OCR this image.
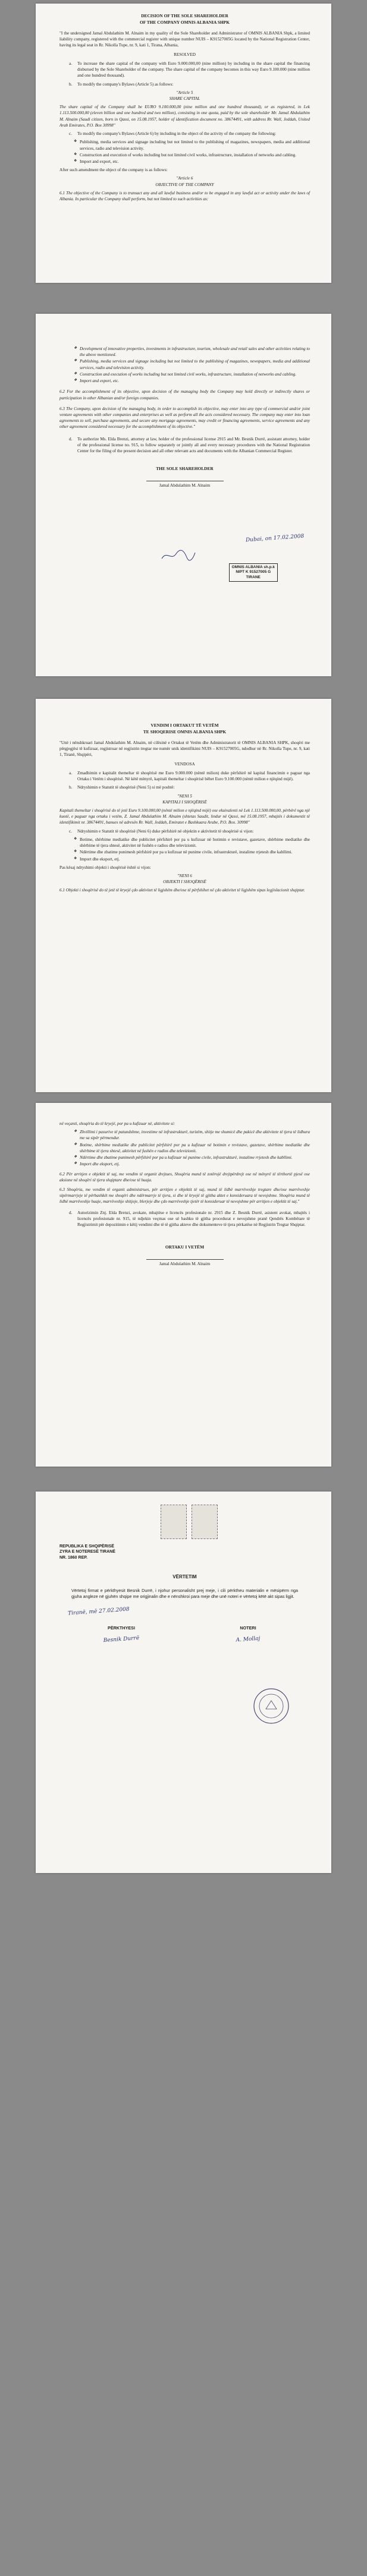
DECISION OF THE SOLE SHAREHOLDER
OF THE COMPANY OMNIS ALBANIA SHPK

"I the undersigned Jamal Abdulathim M. Alnaim in my quality of the Sole Shareholder and Administrator of OMNIS ALBANIA Shpk, a limited liability company, registered with the commercial register with unique number NUIS – K91527005G located by the National Registration Center, having its legal seat in Rr. Nikolla Tupe, nr. 9, kati 1, Tirana, Albania,

RESOLVED

a. To increase the share capital of the company with Euro 9.000.000,00 (nine million) by including in the share capital the financing disbursed by the Sole Shareholder of the company. The share capital of the company becomes in this way Euro 9.100.000 (nine million and one hundred thousand).

b. To modify the company's Bylaws (Article 5) as follows:

"Article 5

SHARE CAPITAL

The share capital of the Company shall be EURO 9.100.000,00 (nine million and one hundred thousand), or as registered, in Lek 1.113.500.000,00 (eleven billion and one hundred and two million), consisting in one quota, paid by the sole shareholder Mr. Jamal Abdulathim M. Alnaim (Saudi citizen, born in Qassi, on 15.08.1957, holder of identification document no. 38674491, with address Rr. Wall, Jeddah, United Arab Emirates, P.O. Box 30998"

c. To modify the company's Bylaws (Article 6) by including in the object of the activity of the company the following:

❖ Publishing, media services and signage including but not limited to the publishing of magazines, newspapers, media and additional services, radio and television activity.
❖ Construction and execution of works including but not limited civil works, infrastructure, installation of networks and cabling.
❖ Import and export, etc.

After such amendment the object of the company is as follows:

"Article 6

OBJECTIVE OF THE COMPANY

6.1 The objective of the Company is to transact any and all lawful business and/or to be engaged in any lawful act or activity under the laws of Albania. In particular the Company shall perform, but not limited to such activities as:

❖ Development of innovative properties, investments in infrastructure, tourism, wholesale and retail sales and other activities relating to the above mentioned.
❖ Publishing, media services and signage including but not limited to the publishing of magazines, newspapers, media and additional services, radio and television activity.
❖ Construction and execution of works including but not limited civil works, infrastructure, installation of networks and cabling.
❖ Import and export, etc.

6.2 For the accomplishment of its objective, upon decision of the managing body the Company may hold directly or indirectly shares or participation in other Albanian and/or foreign companies.

6.3 The Company, upon decision of the managing body, in order to accomplish its objective, may enter into any type of commercial and/or joint venture agreements with other companies and enterprises as well as perform all the acts considered necessary. The company may enter into loan agreements to sell, purchase agreements, and secure any mortgage agreements, may credit or financing agreements, service agreements and any other agreement considered necessary for the accomplishment of its objective."

d. To authorize Ms. Elda Brenzi, attorney at law, holder of the professional license 2915 and Mr. Besnik Durrë, assistant attorney, holder of the professional license no. 915, to follow separately or jointly all and every necessary procedures with the National Registration Center for the filing of the present decision and all other relevant acts and documents with the Albanian Commercial Register.

THE SOLE SHAREHOLDER
Jamal Abdulathim M. Alnaim
Dubai, on 17.02.2008
OMNIS ALBANIA sh.p.k
NIPT K 91527005 G
TIRANE
VENDIM I ORTAKUT TË VETËM
TE SHOQERISE OMNIS ALBANIA SHPK

"Unë i nënshkruari Jamal Abdulathim M. Alnaim, në cilësinë e Ortakut të Vetëm dhe Administratorit të OMNIS ALBANIA SHPK, shoqëri me përgjegjësi të kufizuar, regjistruar në regjistrin tregtar me numër unik identifikimi NUIS – K91527005G, ndodhur në Rr. Nikolla Tupe, nr. 9, kati 1, Tiranë, Shqipëri,

VENDOSA

a. Zmadhimin e kapitalit themeltar të shoqërisë me Euro 9.000.000 (nëntë milion) duke përfshirë në kapital financimin e paguar nga Ortaku i Vetëm i shoqërisë. Në këtë mënyrë, kapitali themeltar i shoqërisë bëhet Euro 9.100.000 (nëntë milion e njëqind mijë).

b. Ndryshimin e Statutit të shoqërisë (Neni 5) si më poshtë:

"NENI 5

KAPITALI I SHOQËRISË

Kapitali themeltar i shoqërisë do të jetë Euro 9.100.000,00 (nëntë milion e njëqind mijë) ose ekuivalenti në Lek 1.113.500.000,00, përbërë nga një kuotë, e paguar nga ortaku i vetëm, Z. Jamal Abdulathim M. Alnaim (shtetas Saudit, lindur në Qassi, më 15.08.1957, mbajtës i dokumentit të identifikimit nr. 38674491, banues në adresën Rr. Wall, Jeddah, Emiratet e Bashkuara Arabe, P.O. Box. 30998"

c. Ndryshimin e Statutit të shoqërisë (Neni 6) duke përfshirë në objektin e aktivitetit të shoqërisë si vijon:

❖ Botime, shërbime mediatike dhe publicitet përfshirë por pa u kufizuar në botimin e revistave, gazetave, shërbime mediatike dhe shërbime të tjera shtesë, aktivitet në fushën e radios dhe televizionit.
❖ Ndërtime dhe zbatime punimesh përfshirë por pa u kufizuar në punime civile, infrastrukturë, instalime rrjetesh dhe kabllimi.
❖ Import dhe eksport, etj.

Pas kësaj ndryshimi objekti i shoqërisë është si vijon:

"NENI 6

OBJEKTI I SHOQËRISË

6.1 Objekti i shoqërisë do të jetë të kryejë çdo aktivitet të ligjshëm dhe/ose të përfshihet në çdo aktivitet të ligjshëm sipas legjislacionit shqiptar.

në veçanti, shoqëria do të kryejë, por pa u kufizuar në, aktivitete si:

❖ Zhvillimi i pasurive të patundshme, investime në infrastrukturë, turizëm, shitje me shumicë dhe pakicë dhe aktivitete të tjera të lidhura me sa sipër përmendur.
❖ Botime, shërbime mediatike dhe publicitet përfshirë por pa u kufizuar në botimin e revistave, gazetave, shërbime mediatike dhe shërbime të tjera shtesë, aktivitet në fushën e radios dhe televizionit.
❖ Ndërtime dhe zbatime punimesh përfshirë por pa u kufizuar në punime civile, infrastrukturë, instalime rrjetesh dhe kabllimi.
❖ Import dhe eksport, etj.

6.2 Për arritjen e objektit të saj, me vendim të organit drejtues, Shoqëria mund të zotërojë drejtpërdrejt ose në mënyrë të tërthortë pjesë ose aksione në shoqëri të tjera shqiptare dhe/ose të huaja.

6.3 Shoqëria, me vendim të organit administrues, për arritjen e objektit të saj, mund të lidhë marrëveshje tregtare dhe/ose marrëveshje sipërmarrjeje të përbashkët me shoqëri dhe ndërmarrje të tjera, si dhe të kryejë të gjitha aktet e konsideruara të nevojshme. Shoqëria mund të lidhë marrëveshje huaje, marrëveshje shitjeje, blerjeje dhe çdo marrëveshje tjetër të konsideruar të nevojshme për arritjen e objektit të saj."

d. Autorizimin Znj. Elda Brenzi, avokate, mbajtëse e licencës profesionale nr. 2915 dhe Z. Besnik Durrë, asistent avokat, mbajtës i licencës profesionale nr. 915, të ndjekin veçmas ose së bashku të gjitha procedurat e nevojshme pranë Qendrës Kombëtare të Regjistrimit për depozitimin e këtij vendimi dhe të të gjitha akteve dhe dokumenteve të tjera përkatëse në Regjistrin Tregtar Shqiptar.

ORTAKU I VETËM
Jamal Abdulathim M. Alnaim
REPUBLIKA E SHQIPËRISË
ZYRA E NOTERESË TIRANË
NR. 1860 REP.
VËRTETIM

Vërtetoj firmat e përkthyesit Besnik Durrë, i njohur personalisht prej meje, i cili përktheu materialin e mësipërm nga gjuha angleze në gjuhën shqipe me origjinalin dhe e nënshkroi para meje dhe unë noteri e vërtetoj këtë akt sipas ligjit.

Tiranë, më 27.02.2008
PËRKTHYESI
Besnik Durrë
NOTERI
A. Mollaj
